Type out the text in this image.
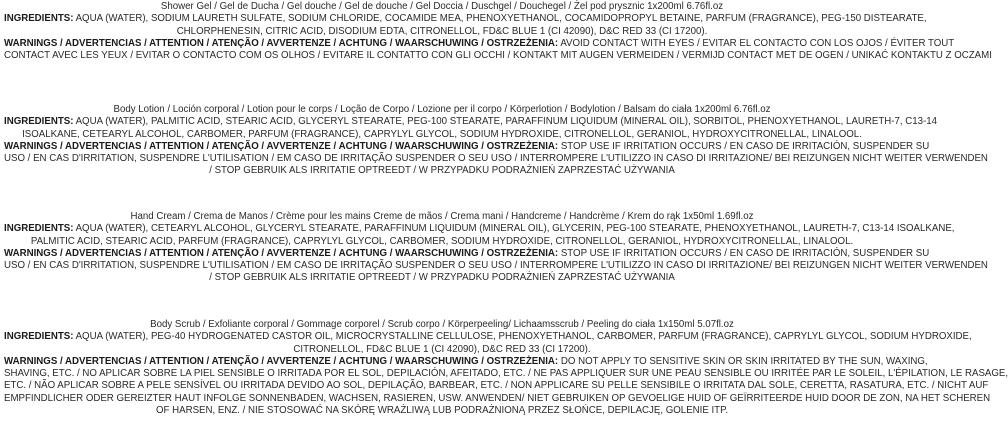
Shower Gel / Gel de Ducha / Gel douche / Gel de douche / Gel Doccia / Duschgel / Douchegel / Żel pod prysznic 1x200ml 6.76fl.oz
INGREDIENTS: AQUA (WATER), SODIUM LAURETH SULFATE, SODIUM CHLORIDE, COCAMIDE MEA, PHENOXYETHANOL, COCAMIDOPROPYL BETAINE, PARFUM (FRAGRANCE), PEG-150 DISTEARATE,
CHLORPHENESIN, CITRIC ACID, DISODIUM EDTA, CITRONELLOL, FD&C BLUE 1 (CI 42090), D&C RED 33 (CI 17200).
WARNINGS / ADVERTENCIAS / ATTENTION / ATENÇÃO / AVVERTENZE / ACHTUNG / WAARSCHUWING / OSTRZEŻENIA: AVOID CONTACT WITH EYES / EVITAR EL CONTACTO CON LOS OJOS / ÉVITER TOUT
CONTACT AVEC LES YEUX / EVITAR O CONTACTO COM OS OLHOS / EVITARE IL CONTATTO CON GLI OCCHI / KONTAKT MIT AUGEN VERMEIDEN / VERMIJD CONTACT MET DE OGEN / UNIKAĆ KONTAKTU Z OCZAMI
Body Lotion / Loción corporal / Lotion pour le corps / Loção de Corpo / Lozione per il corpo / Körperlotion / Bodylotion / Balsam do ciała 1x200ml 6.76fl.oz
INGREDIENTS: AQUA (WATER), PALMITIC ACID, STEARIC ACID, GLYCERYL STEARATE, PEG-100 STEARATE, PARAFFINUM LIQUIDUM (MINERAL OIL), SORBITOL, PHENOXYETHANOL, LAURETH-7, C13-14
ISOALKANE, CETEARYL ALCOHOL, CARBOMER, PARFUM (FRAGRANCE), CAPRYLYL GLYCOL, SODIUM HYDROXIDE, CITRONELLOL, GERANIOL, HYDROXYCITRONELLAL, LINALOOL.
WARNINGS / ADVERTENCIAS / ATTENTION / ATENÇÃO / AVVERTENZE / ACHTUNG / WAARSCHUWING / OSTRZEŻENIA: STOP USE IF IRRITATION OCCURS / EN CASO DE IRRITACIÓN, SUSPENDER SU
USO / EN CAS D'IRRITATION, SUSPENDRE L'UTILISATION / EM CASO DE IRRITAÇÃO SUSPENDER O SEU USO / INTERROMPERE L'UTILIZZO IN CASO DI IRRITAZIONE/ BEI REIZUNGEN NICHT WEITER VERWENDEN
/ STOP GEBRUIK ALS IRRITATIE OPTREEDT / W PRZYPADKU PODRAŻNIEŃ ZAPRZESTAĆ UŻYWANIA
Hand Cream / Crema de Manos / Crème pour les mains Creme de mãos / Crema mani / Handcreme / Handcrème / Krem do rąk 1x50ml 1.69fl.oz
INGREDIENTS: AQUA (WATER), CETEARYL ALCOHOL, GLYCERYL STEARATE, PARAFFINUM LIQUIDUM (MINERAL OIL), GLYCERIN, PEG-100 STEARATE, PHENOXYETHANOL, LAURETH-7, C13-14 ISOALKANE,
PALMITIC ACID, STEARIC ACID, PARFUM (FRAGRANCE), CAPRYLYL GLYCOL, CARBOMER, SODIUM HYDROXIDE, CITRONELLOL, GERANIOL, HYDROXYCITRONELLAL, LINALOOL.
WARNINGS / ADVERTENCIAS / ATTENTION / ATENÇÃO / AVVERTENZE / ACHTUNG / WAARSCHUWING / OSTRZEŻENIA: STOP USE IF IRRITATION OCCURS / EN CASO DE IRRITACIÓN, SUSPENDER SU
USO / EN CAS D'IRRITATION, SUSPENDRE L'UTILISATION / EM CASO DE IRRITAÇÃO SUSPENDER O SEU USO / INTERROMPERE L'UTILIZZO IN CASO DI IRRITAZIONE/ BEI REIZUNGEN NICHT WEITER VERWENDEN
/ STOP GEBRUIK ALS IRRITATIE OPTREEDT / W PRZYPADKU PODRAŻNIEŃ ZAPRZESTAĆ UŻYWANIA
Body Scrub / Exfoliante corporal / Gommage corporel / Scrub corpo / Körperpeeling/ Lichaamsscrub / Peeling do ciała 1x150ml 5.07fl.oz
INGREDIENTS: AQUA (WATER), PEG-40 HYDROGENATED CASTOR OIL, MICROCRYSTALLINE CELLULOSE, PHENOXYETHANOL, CARBOMER, PARFUM (FRAGRANCE), CAPRYLYL GLYCOL, SODIUM HYDROXIDE,
CITRONELLOL, FD&C BLUE 1 (CI 42090), D&C RED 33 (CI 17200).
WARNINGS / ADVERTENCIAS / ATTENTION / ATENÇÃO / AVVERTENZE / ACHTUNG / WAARSCHUWING / OSTRZEŻENIA: DO NOT APPLY TO SENSITIVE SKIN OR SKIN IRRITATED BY THE SUN, WAXING,
SHAVING, ETC. / NO APLICAR SOBRE LA PIEL SENSIBLE O IRRITADA POR EL SOL, DEPILACIÓN, AFEITADO, ETC. / NE PAS APPLIQUER SUR UNE PEAU SENSIBLE OU IRRITÉE PAR LE SOLEIL, L'ÉPILATION, LE RASAGE,
ETC. / NÃO APLICAR SOBRE A PELE SENSÍVEL OU IRRITADA DEVIDO AO SOL, DEPILAÇÃO, BARBEAR, ETC. / NON APPLICARE SU PELLE SENSIBILE O IRRITATA DAL SOLE, CERETTA, RASATURA, ETC. / NICHT AUF
EMPFINDLICHER ODER GEREIZTER HAUT INFOLGE SONNENBADEN, WACHSEN, RASIEREN, USW. ANWENDEN/ NIET GEBRUIKEN OP GEVOELIGE HUID OF GEÏRRITEERDE HUID DOOR DE ZON, NA HET SCHEREN
OF HARSEN, ENZ. / NIE STOSOWAĆ NA SKÓRĘ WRAŻLIWĄ LUB PODRAŻNIONĄ PRZEZ SŁOŃCE, DEPILACJĘ, GOLENIE ITP.
